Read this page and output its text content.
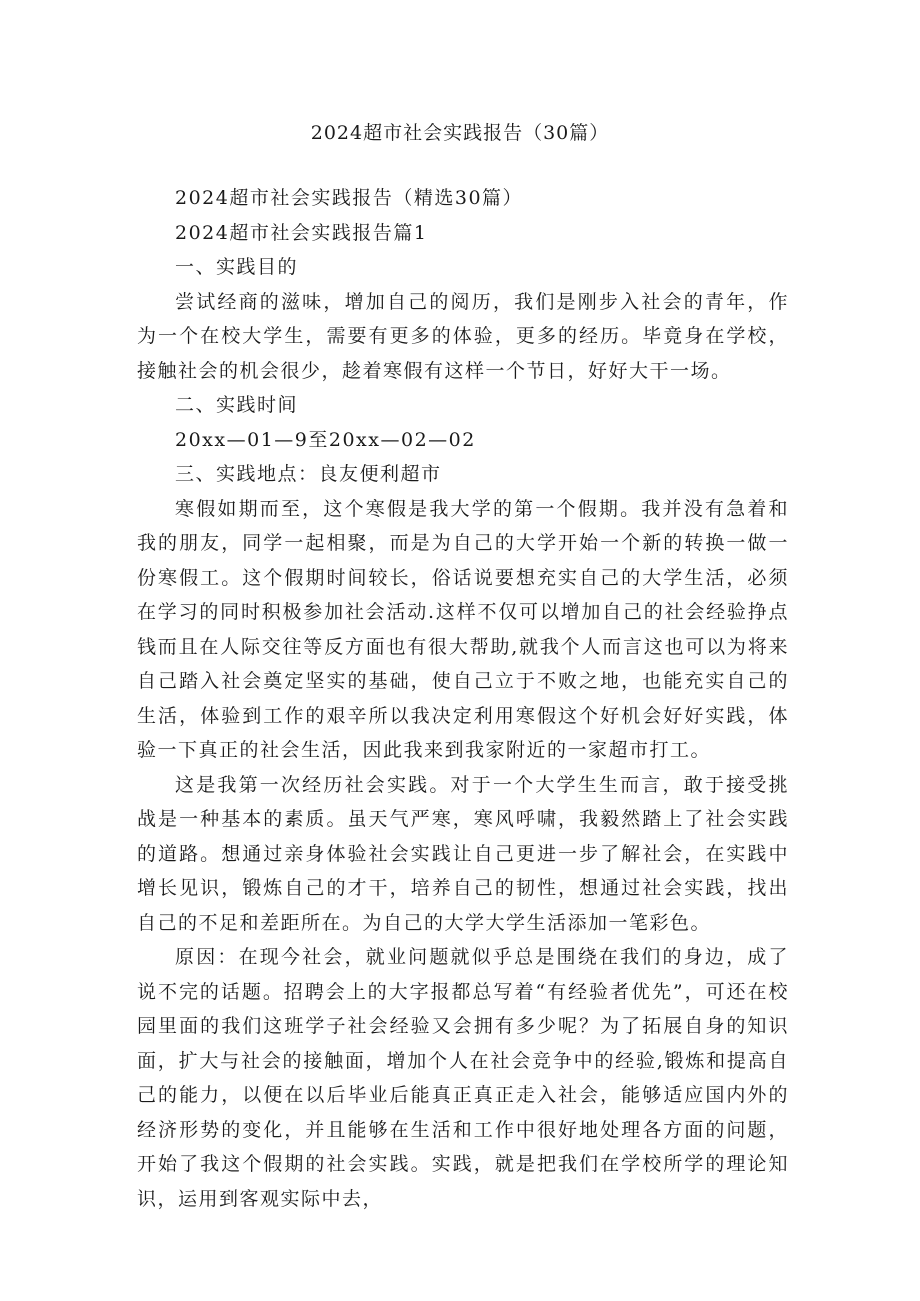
2024超市社会实践报告（30篇）
2024超市社会实践报告（精选30篇）
2024超市社会实践报告篇1
一、实践目的

尝试经商的滋味，增加自己的阅历，我们是刚步入社会的青年，作为一个在校大学生，需要有更多的体验，更多的经历。毕竟身在学校，接触社会的机会很少，趁着寒假有这样一个节日，好好大干一场。

二、实践时间
20xx—01—9至20xx—02—02
三、实践地点：良友便利超市

寒假如期而至，这个寒假是我大学的第一个假期。我并没有急着和我的朋友，同学一起相聚，而是为自己的大学开始一个新的转换一做一份寒假工。这个假期时间较长，俗话说要想充实自己的大学生活，必须在学习的同时积极参加社会活动.这样不仅可以增加自己的社会经验挣点钱而且在人际交往等反方面也有很大帮助,就我个人而言这也可以为将来自己踏入社会奠定坚实的基础，使自己立于不败之地，也能充实自己的生活，体验到工作的艰辛所以我决定利用寒假这个好机会好好实践，体验一下真正的社会生活，因此我来到我家附近的一家超市打工。

这是我第一次经历社会实践。对于一个大学生生而言，敢于接受挑战是一种基本的素质。虽天气严寒，寒风呼啸，我毅然踏上了社会实践的道路。想通过亲身体验社会实践让自己更进一步了解社会，在实践中增长见识，锻炼自己的才干，培养自己的韧性，想通过社会实践，找出自己的不足和差距所在。为自己的大学大学生活添加一笔彩色。

原因：在现今社会，就业问题就似乎总是围绕在我们的身边，成了说不完的话题。招聘会上的大字报都总写着“有经验者优先”，可还在校园里面的我们这班学子社会经验又会拥有多少呢？为了拓展自身的知识面，扩大与社会的接触面，增加个人在社会竞争中的经验,锻炼和提高自己的能力，以便在以后毕业后能真正真正走入社会，能够适应国内外的经济形势的变化，并且能够在生活和工作中很好地处理各方面的问题，开始了我这个假期的社会实践。实践，就是把我们在学校所学的理论知识，运用到客观实际中去，
